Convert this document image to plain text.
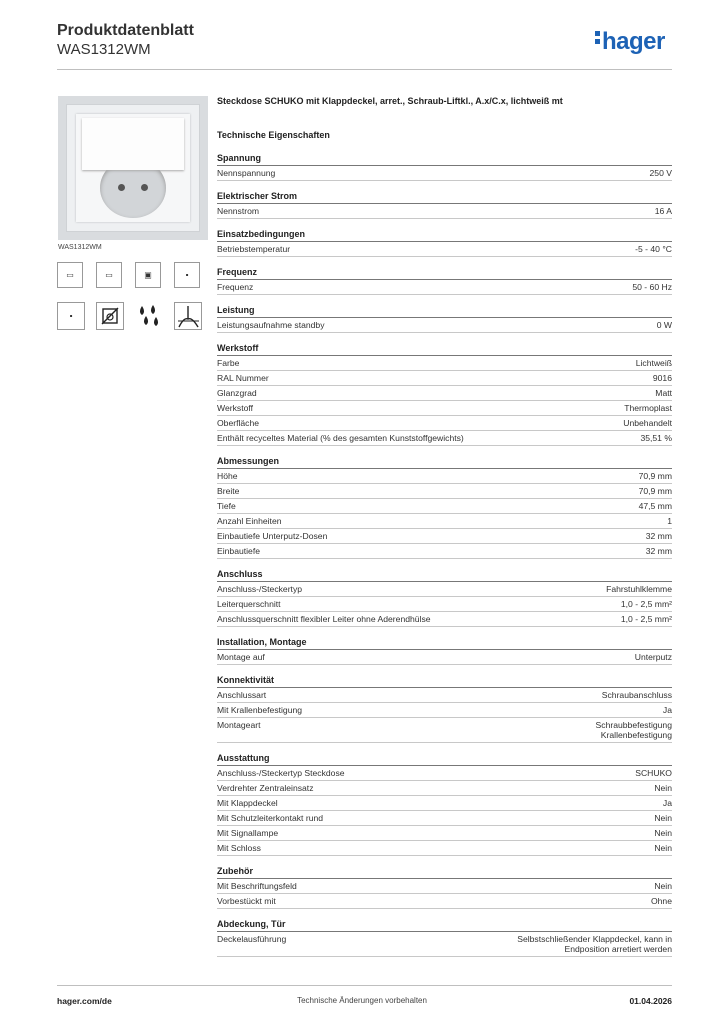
Produktdatenblatt
WAS1312WM	hager
WAS1312WM
▭	▭	▣	▪
▪
Steckdose SCHUKO mit Klappdeckel, arret., Schraub-Liftkl., A.x/C.x, lichtweiß mt
Technische Eigenschaften
Spannung
Nennspannung	250 V
Elektrischer Strom
Nennstrom	16 A
Einsatzbedingungen
Betriebstemperatur	-5 - 40 °C
Frequenz
Frequenz	50 - 60 Hz
Leistung
Leistungsaufnahme standby	0 W
Werkstoff
Farbe	Lichtweiß
RAL Nummer	9016
Glanzgrad	Matt
Werkstoff	Thermoplast
Oberfläche	Unbehandelt
Enthält recyceltes Material (% des gesamten Kunststoffgewichts)	35,51 %
Abmessungen
Höhe	70,9 mm
Breite	70,9 mm
Tiefe	47,5 mm
Anzahl Einheiten	1
Einbautiefe Unterputz-Dosen	32 mm
Einbautiefe	32 mm
Anschluss
Anschluss-/Steckertyp	Fahrstuhlklemme
Leiterquerschnitt	1,0 - 2,5 mm²
Anschlussquerschnitt flexibler Leiter ohne Aderendhülse	1,0 - 2,5 mm²
Installation, Montage
Montage auf	Unterputz
Konnektivität
Anschlussart	Schraubanschluss
Mit Krallenbefestigung	Ja
Montageart	Schraubbefestigung
Krallenbefestigung
Ausstattung
Anschluss-/Steckertyp Steckdose	SCHUKO
Verdrehter Zentraleinsatz	Nein
Mit Klappdeckel	Ja
Mit Schutzleiterkontakt rund	Nein
Mit Signallampe	Nein
Mit Schloss	Nein
Zubehör
Mit Beschriftungsfeld	Nein
Vorbestückt mit	Ohne
Abdeckung, Tür
Deckelausführung	Selbstschließender Klappdeckel, kann in
Endposition arretiert werden
hager.com/de	Technische Änderungen vorbehalten	01.04.2026
